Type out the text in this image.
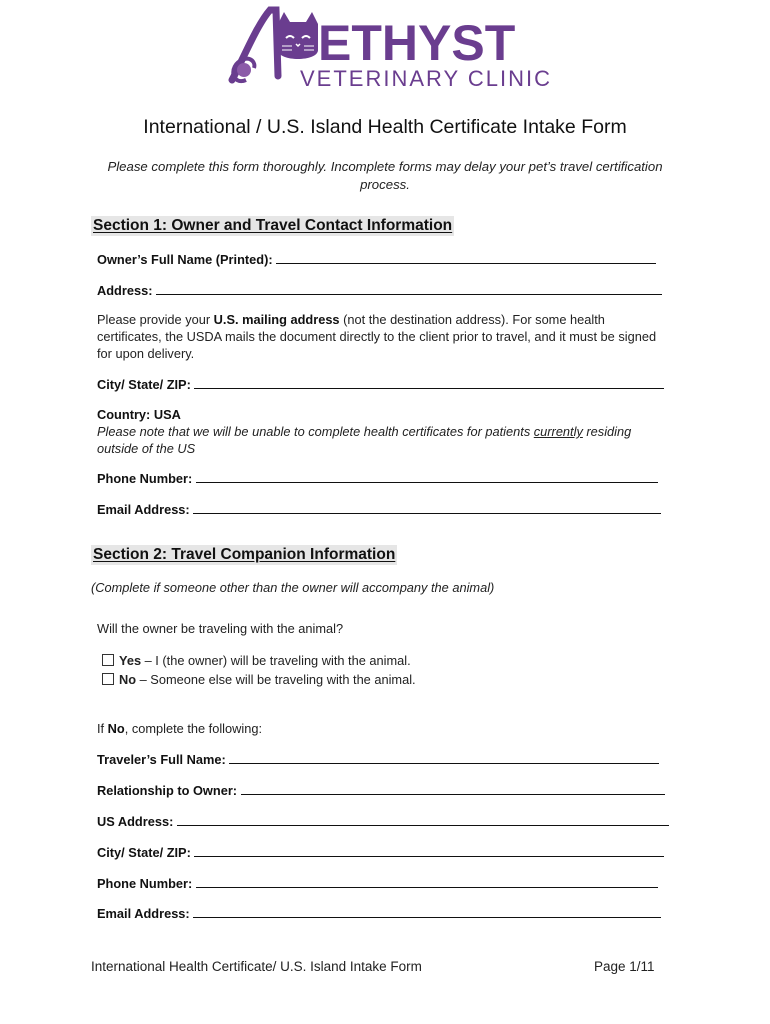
ETHYST
VETERINARY CLINIC
International / U.S. Island Health Certificate Intake Form
Please complete this form thoroughly. Incomplete forms may delay your pet’s travel certification process.
Section 1: Owner and Travel Contact Information
Owner’s Full Name (Printed):
Address:
Please provide your U.S. mailing address (not the destination address). For some health certificates, the USDA mails the document directly to the client prior to travel, and it must be signed for upon delivery.
City/ State/ ZIP:
Country: USA
Please note that we will be unable to complete health certificates for patients currently residing outside of the US
Phone Number:
Email Address:
Section 2: Travel Companion Information
(Complete if someone other than the owner will accompany the animal)
Will the owner be traveling with the animal?
Yes – I (the owner) will be traveling with the animal.
No – Someone else will be traveling with the animal.
If No, complete the following:
Traveler’s Full Name:
Relationship to Owner:
US Address:
City/ State/ ZIP:
Phone Number:
Email Address:
International Health Certificate/ U.S. Island Intake Form	Page 1/11
